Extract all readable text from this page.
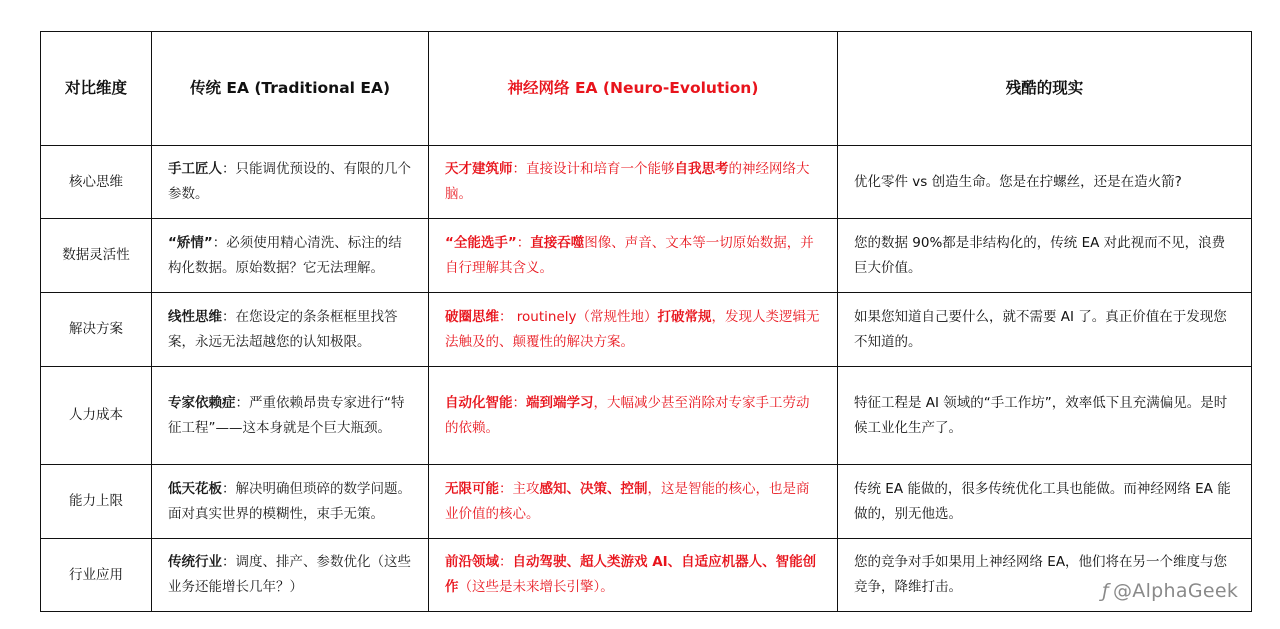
对比维度	传统 EA (Traditional EA)	神经网络 EA (Neuro-Evolution)	残酷的现实
核心思维	手工匠人：只能调优预设的、有限的几个参数。	天才建筑师：直接设计和培育一个能够自我思考的神经网络大脑。	优化零件 vs 创造生命。您是在拧螺丝，还是在造火箭?
数据灵活性	“矫情”：必须使用精心清洗、标注的结构化数据。原始数据？它无法理解。	“全能选手”：直接吞噬图像、声音、文本等一切原始数据，并自行理解其含义。	您的数据 90%都是非结构化的，传统 EA 对此视而不见，浪费巨大价值。
解决方案	线性思维：在您设定的条条框框里找答案，永远无法超越您的认知极限。	破圈思维： routinely（常规性地）打破常规，发现人类逻辑无法触及的、颠覆性的解决方案。	如果您知道自己要什么，就不需要 AI 了。真正价值在于发现您不知道的。
人力成本	专家依赖症：严重依赖昂贵专家进行“特征工程”——这本身就是个巨大瓶颈。	自动化智能：端到端学习，大幅减少甚至消除对专家手工劳动的依赖。	特征工程是 AI 领域的“手工作坊”，效率低下且充满偏见。是时候工业化生产了。
能力上限	低天花板：解决明确但琐碎的数学问题。面对真实世界的模糊性，束手无策。	无限可能：主攻感知、决策、控制，这是智能的核心，也是商业价值的核心。	传统 EA 能做的，很多传统优化工具也能做。而神经网络 EA 能做的，别无他选。
行业应用	传统行业：调度、排产、参数优化（这些业务还能增长几年？）	前沿领域：自动驾驶、超人类游戏 AI、自适应机器人、智能创作（这些是未来增长引擎）。	您的竞争对手如果用上神经网络 EA，他们将在另一个维度与您竞争，降维打击。	ƒ @AlphaGeek
